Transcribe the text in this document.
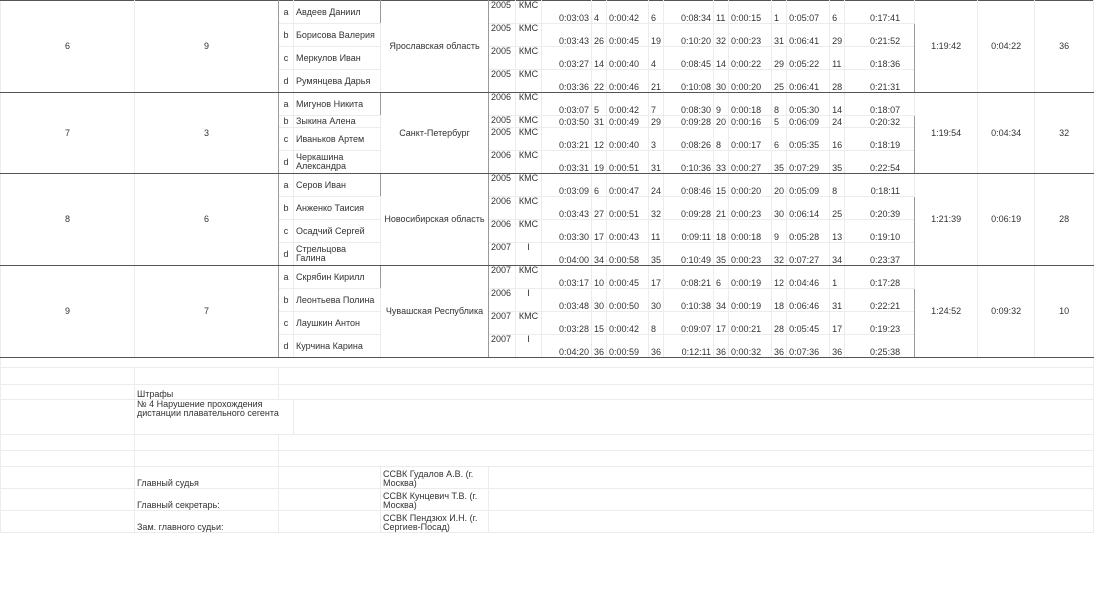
6	9	a	Авдеев Даниил	Ярославская область	2005	КМС	0:03:03	4	0:00:42	6	0:08:34	11	0:00:15	1	0:05:07	6	0:17:41	1:19:42	0:04:22	36
		b	Борисова Валерия		2005	КМС	0:03:43	26	0:00:45	19	0:10:20	32	0:00:23	31	0:06:41	29	0:21:52			
		c	Меркулов Иван		2005	КМС	0:03:27	14	0:00:40	4	0:08:45	14	0:00:22	29	0:05:22	11	0:18:36			
		d	Румянцева Дарья		2005	КМС	0:03:36	22	0:00:46	21	0:10:08	30	0:00:20	25	0:06:41	28	0:21:31			
7	3	a	Мигунов Никита	Санкт-Петербург	2006	КМС	0:03:07	5	0:00:42	7	0:08:30	9	0:00:18	8	0:05:30	14	0:18:07	1:19:54	0:04:34	32
		b	Зыкина Алена		2005	КМС	0:03:50	31	0:00:49	29	0:09:28	20	0:00:16	5	0:06:09	24	0:20:32			
		c	Иваньков Артем		2005	КМС	0:03:21	12	0:00:40	3	0:08:26	8	0:00:17	6	0:05:35	16	0:18:19			
		d	Черкашина Александра		2006	КМС	0:03:31	19	0:00:51	31	0:10:36	33	0:00:27	35	0:07:29	35	0:22:54			
8	6	a	Серов Иван	Новосибирская область	2005	КМС	0:03:09	6	0:00:47	24	0:08:46	15	0:00:20	20	0:05:09	8	0:18:11	1:21:39	0:06:19	28
		b	Анженко Таисия		2006	КМС	0:03:43	27	0:00:51	32	0:09:28	21	0:00:23	30	0:06:14	25	0:20:39			
		c	Осадчий Сергей		2006	КМС	0:03:30	17	0:00:43	11	0:09:11	18	0:00:18	9	0:05:28	13	0:19:10			
		d	Стрельцова Галина		2007	I	0:04:00	34	0:00:58	35	0:10:49	35	0:00:23	32	0:07:27	34	0:23:37			
9	7	a	Скрябин Кирилл	Чувашская Республика	2007	КМС	0:03:17	10	0:00:45	17	0:08:21	6	0:00:19	12	0:04:46	1	0:17:28	1:24:52	0:09:32	10
		b	Леонтьева Полина		2006	I	0:03:48	30	0:00:50	30	0:10:38	34	0:00:19	18	0:06:46	31	0:22:21			
		c	Лаушкин Антон		2007	КМС	0:03:28	15	0:00:42	8	0:09:07	17	0:00:21	28	0:05:45	17	0:19:23			
		d	Курчина Карина		2007	I	0:04:20	36	0:00:59	36	0:12:11	36	0:00:32	36	0:07:36	36	0:25:38			

	Штрафы																			
	№ 4 Нарушение прохождения дистанции плавательного сегента																			

	Главный судья			ССВК Гудалов А.В. (г. Москва)																
	Главный секретарь:			ССВК Кунцевич Т.В. (г. Москва)																
	Зам. главного судьи:			ССВК Пендзюх И.Н. (г. Сергиев-Посад)																
